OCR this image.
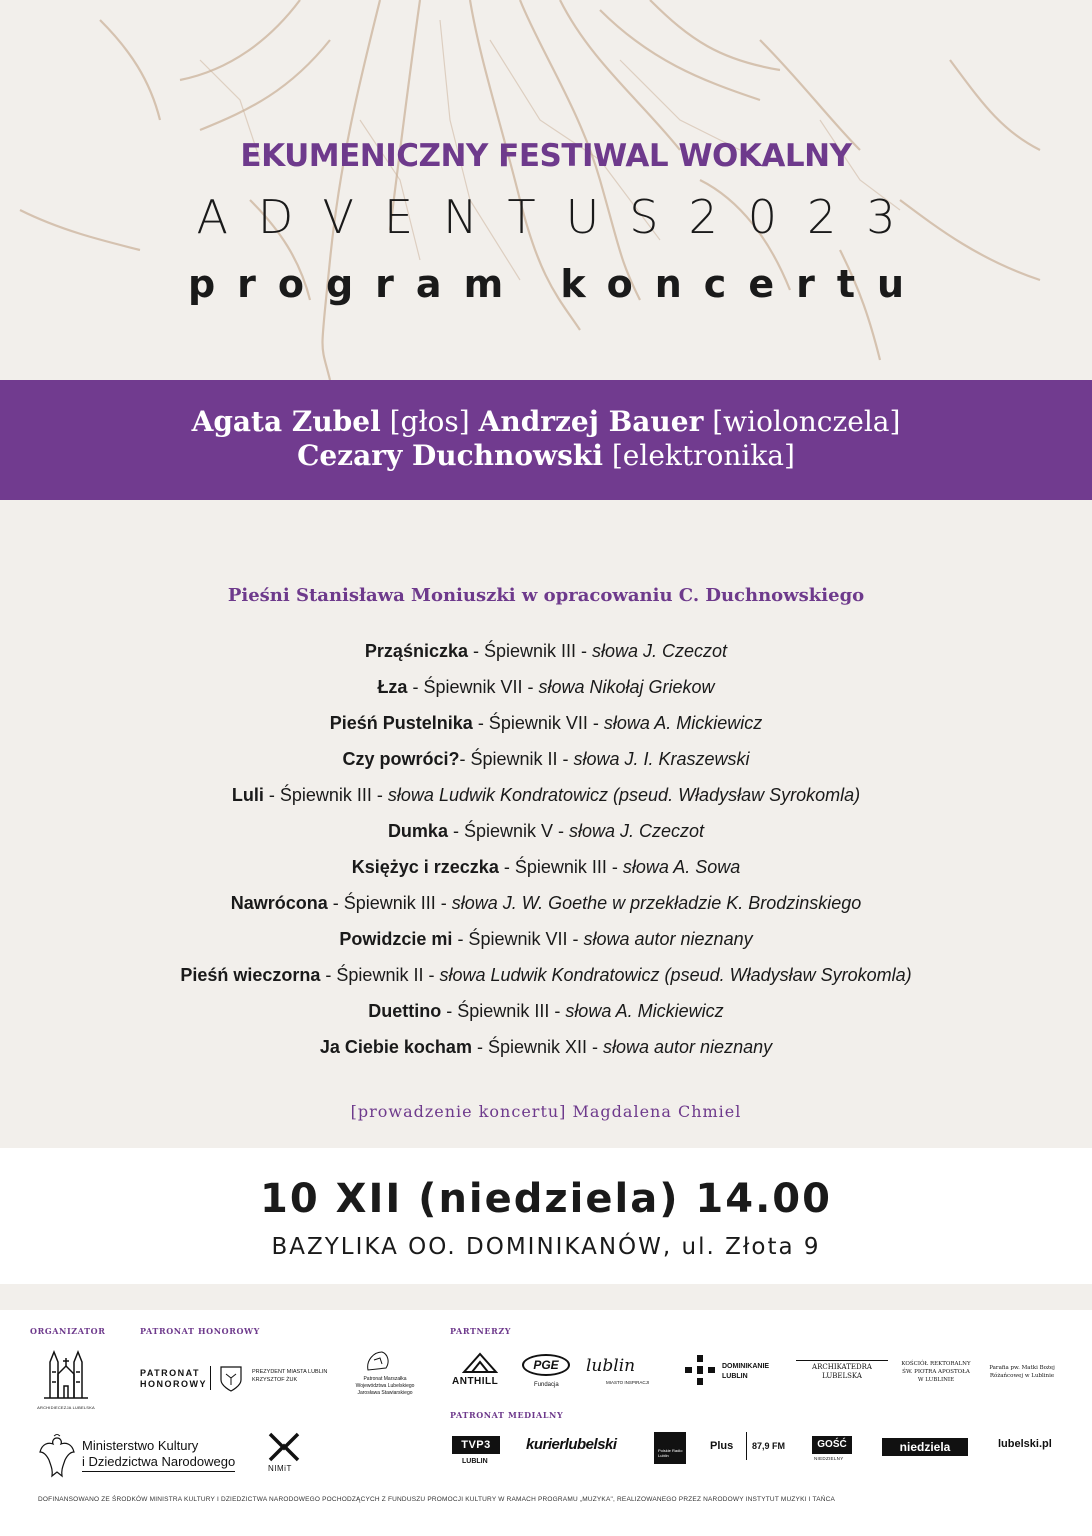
EKUMENICZNY FESTIWAL WOKALNY
ADVENTUS2023
program koncertu
Agata Zubel [głos] Andrzej Bauer [wiolonczela]
Cezary Duchnowski [elektronika]
Pieśni Stanisława Moniuszki w opracowaniu C. Duchnowskiego
Prząśniczka - Śpiewnik III - słowa J. Czeczot
Łza - Śpiewnik VII - słowa Nikołaj Griekow
Pieśń Pustelnika - Śpiewnik VII - słowa A. Mickiewicz
Czy powróci?- Śpiewnik II - słowa J. I. Kraszewski
Luli - Śpiewnik III - słowa Ludwik Kondratowicz (pseud. Władysław Syrokomla)
Dumka - Śpiewnik V - słowa J. Czeczot
Księżyc i rzeczka - Śpiewnik III - słowa A. Sowa
Nawrócona - Śpiewnik III - słowa J. W. Goethe w przekładzie K. Brodzinskiego
Powidzcie mi - Śpiewnik VII - słowa autor nieznany
Pieśń wieczorna - Śpiewnik II - słowa Ludwik Kondratowicz (pseud. Władysław Syrokomla)
Duettino - Śpiewnik III - słowa A. Mickiewicz
Ja Ciebie kocham - Śpiewnik XII - słowa autor nieznany
[prowadzenie koncertu] Magdalena Chmiel
10 XII (niedziela) 14.00
BAZYLIKA OO. DOMINIKANÓW, ul. Złota 9
ORGANIZATOR	PATRONAT HONOROWY	PARTNERZY
PATRONAT MEDIALNY
ARCHIDIECEZJA LUBELSKA
PATRONAT
HONOROWY
PREZYDENT MIASTA LUBLIN
KRZYSZTOF ŻUK	Patronat Marszałka
Województwa Lubelskiego
Jarosława Stawiarskiego
Ministerstwo Kultury
i Dziedzictwa Narodowego	NIMiT
ANTHILL
PGE
Fundacja
lublin
MIASTO INSPIRACJI
DOMINIKANIE
LUBLIN
ARCHIKATEDRA
LUBELSKA
KOŚCIÓŁ REKTORALNY
ŚW. PIOTRA APOSTOŁA
W LUBLINIE
Parafia pw. Matki Bożej
Różańcowej w Lublinie
TVP3
LUBLIN
kurierlubelski	Polskie Radio Lublin
Plus 87,9 FM	GOŚĆ
NIEDZIELNY
niedziela	lubelski.pl
DOFINANSOWANO ZE ŚRODKÓW MINISTRA KULTURY I DZIEDZICTWA NARODOWEGO POCHODZĄCYCH Z FUNDUSZU PROMOCJI KULTURY W RAMACH PROGRAMU „MUZYKA", REALIZOWANEGO PRZEZ NARODOWY INSTYTUT MUZYKI I TAŃCA
